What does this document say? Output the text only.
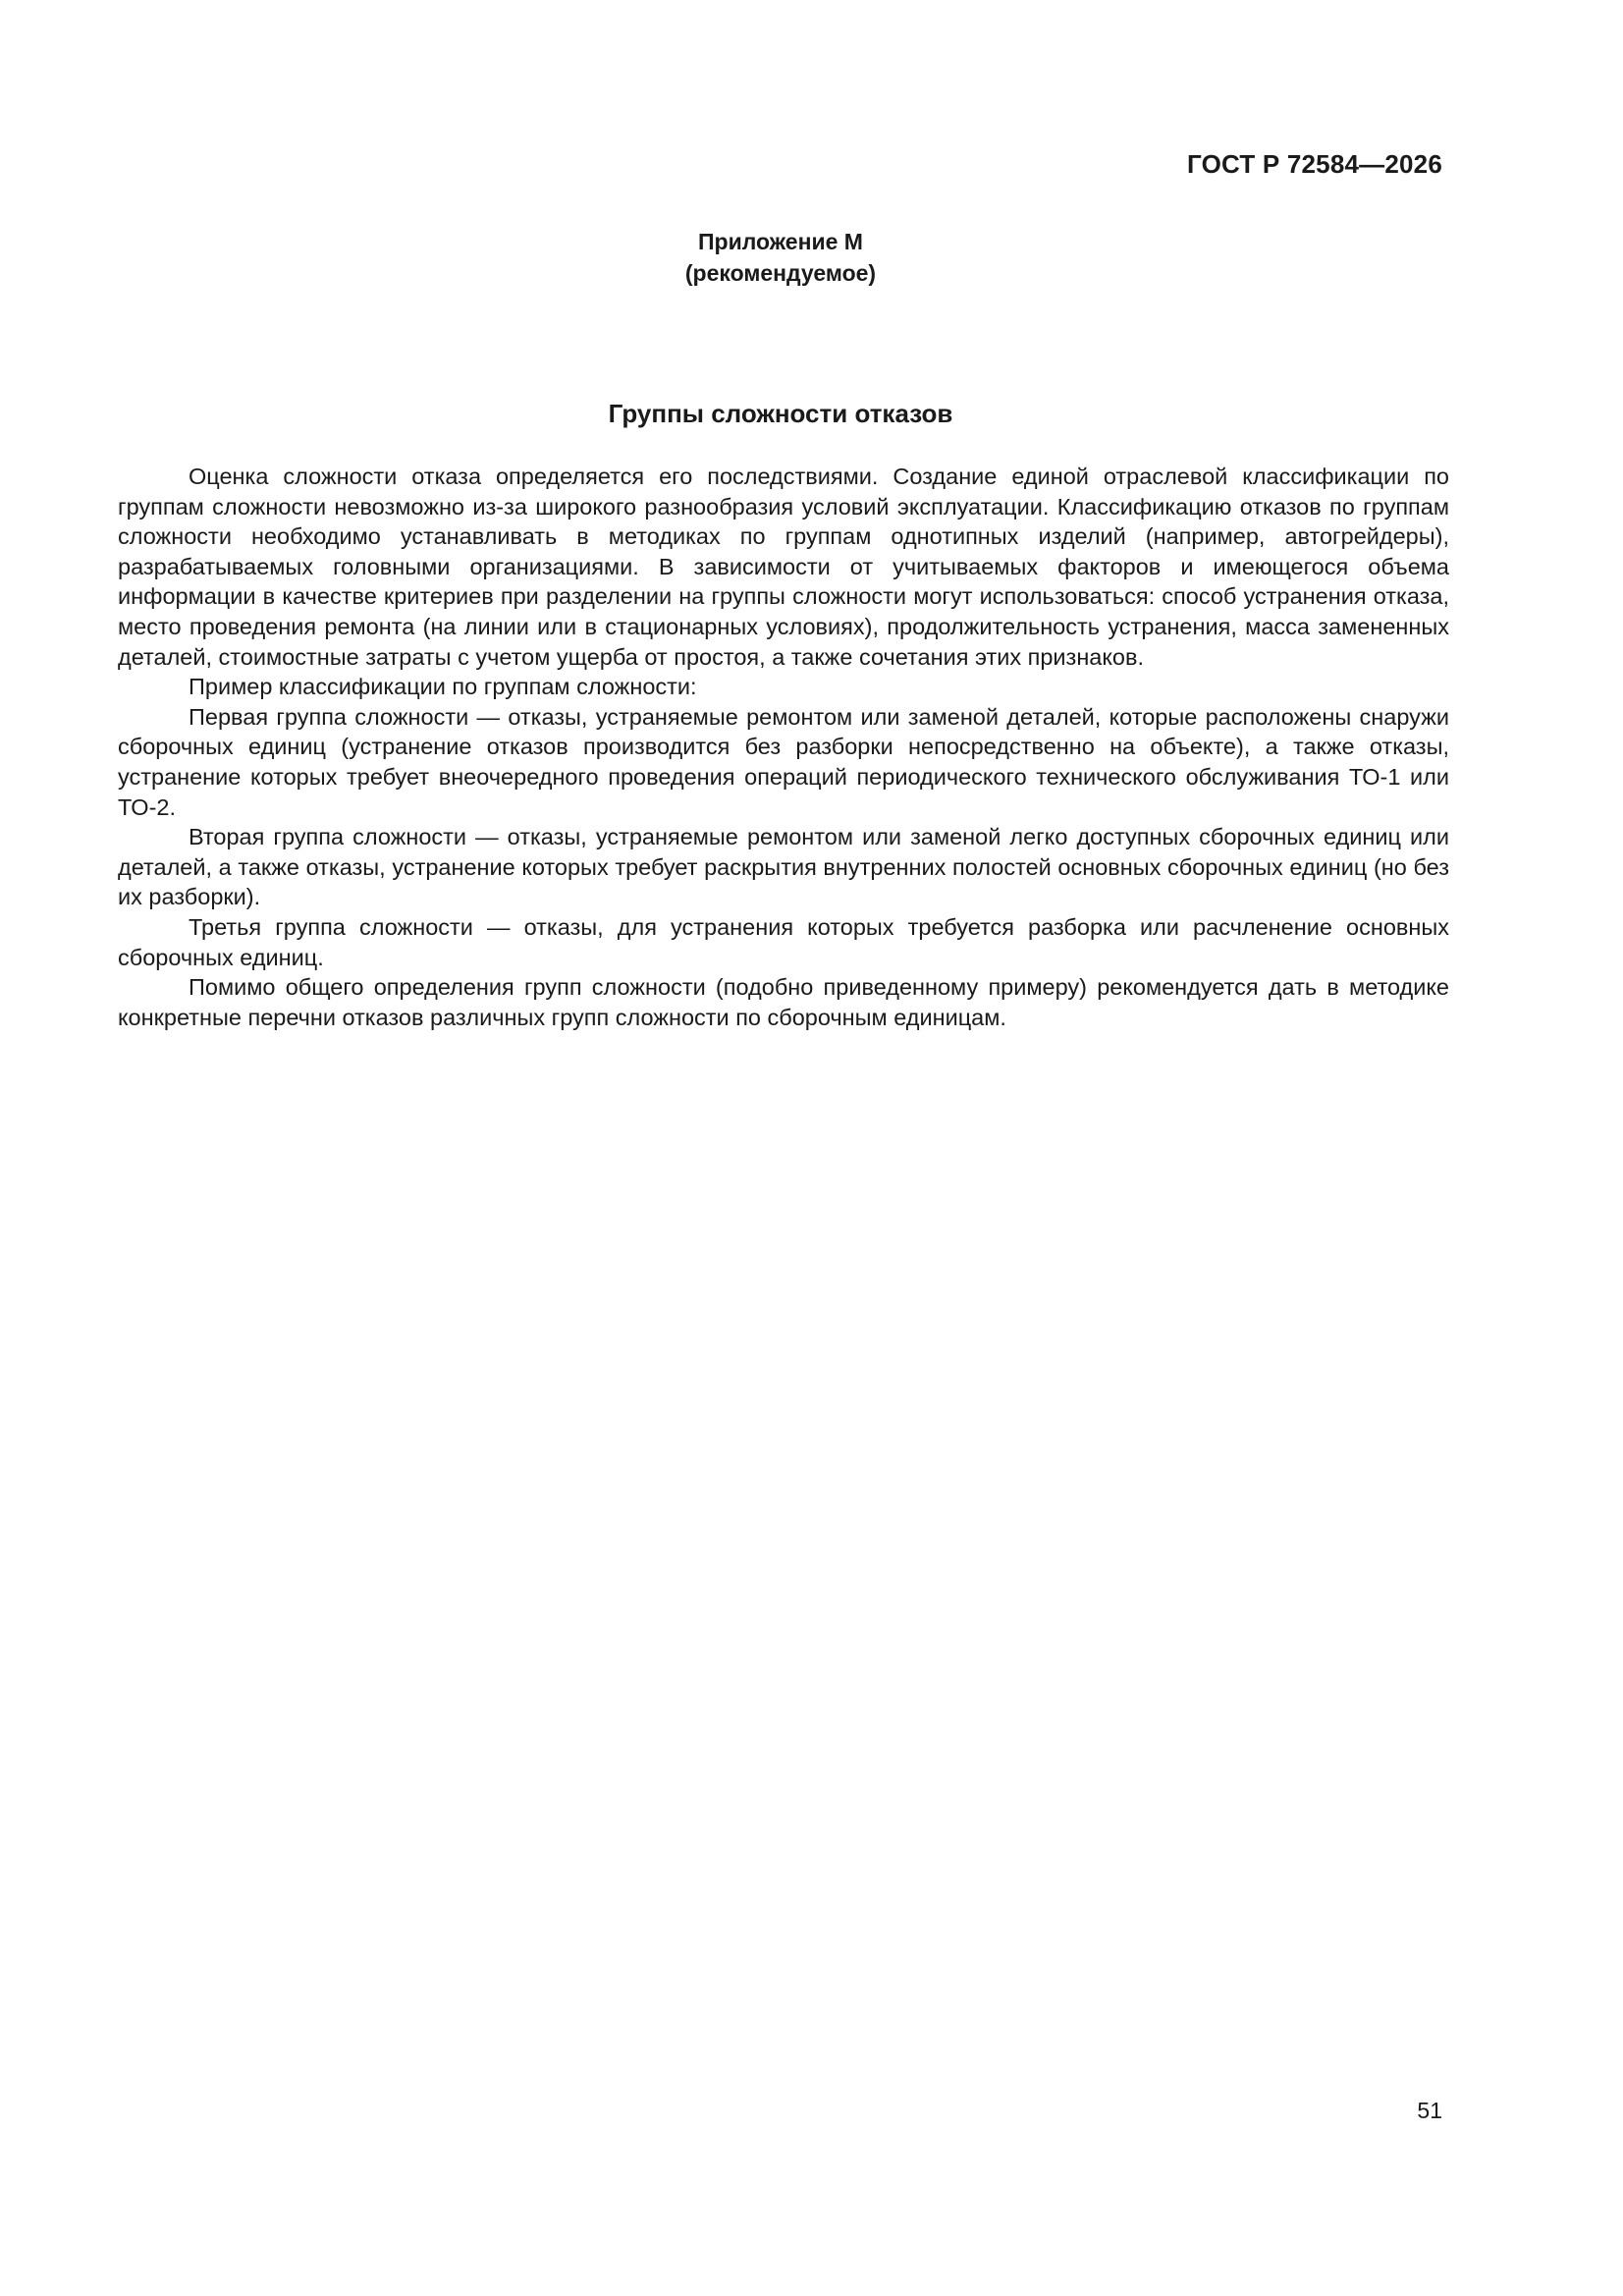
ГОСТ Р 72584—2026
Приложение М
(рекомендуемое)
Группы сложности отказов

Оценка сложности отказа определяется его последствиями. Создание единой отраслевой классификации по группам сложности невозможно из-за широкого разнообразия условий эксплуатации. Классификацию отказов по группам сложности необходимо устанавливать в методиках по группам однотипных изделий (например, автогрейдеры), разрабатываемых головными организациями. В зависимости от учитываемых факторов и имеющегося объема информации в качестве критериев при разделении на группы сложности могут использоваться: способ устранения отказа, место проведения ремонта (на линии или в стационарных условиях), продолжительность устранения, масса замененных деталей, стоимостные затраты с учетом ущерба от простоя, а также сочетания этих признаков.

Пример классификации по группам сложности:

Первая группа сложности — отказы, устраняемые ремонтом или заменой деталей, которые расположены снаружи сборочных единиц (устранение отказов производится без разборки непосредственно на объекте), а также отказы, устранение которых требует внеочередного проведения операций периодического технического обслуживания ТО-1 или ТО-2.

Вторая группа сложности — отказы, устраняемые ремонтом или заменой легко доступных сборочных единиц или деталей, а также отказы, устранение которых требует раскрытия внутренних полостей основных сборочных единиц (но без их разборки).

Третья группа сложности — отказы, для устранения которых требуется разборка или расчленение основных сборочных единиц.

Помимо общего определения групп сложности (подобно приведенному примеру) рекомендуется дать в методике конкретные перечни отказов различных групп сложности по сборочным единицам.

51
